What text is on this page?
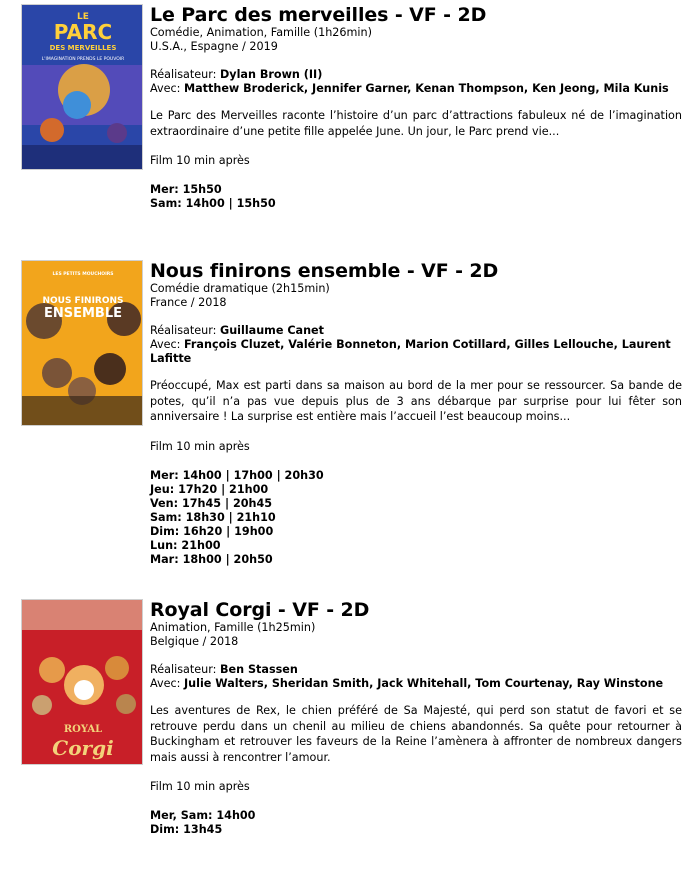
LE
PARC
DES MERVEILLES
L'IMAGINATION PRENDS LE POUVOIR
Le Parc des merveilles - VF - 2D
Comédie, Animation, Famille (1h26min)
U.S.A., Espagne / 2019
Réalisateur: Dylan Brown (II)
Avec: Matthew Broderick, Jennifer Garner, Kenan Thompson, Ken Jeong, Mila Kunis
Le Parc des Merveilles raconte l’histoire d’un parc d’attractions fabuleux né de l’imagination extraordinaire d’une petite fille appelée June. Un jour, le Parc prend vie...
Film 10 min après
Mer: 15h50
Sam: 14h00 | 15h50
LES PETITS MOUCHOIRS
NOUS FINIRONS
ENSEMBLE
Nous finirons ensemble - VF - 2D
Comédie dramatique (2h15min)
France / 2018
Réalisateur: Guillaume Canet
Avec: François Cluzet, Valérie Bonneton, Marion Cotillard, Gilles Lellouche, Laurent Lafitte
Préoccupé, Max est parti dans sa maison au bord de la mer pour se ressourcer. Sa bande de potes, qu’il n’a pas vue depuis plus de 3 ans débarque par surprise pour lui fêter son anniversaire ! La surprise est entière mais l’accueil l’est beaucoup moins...
Film 10 min après
Mer: 14h00 | 17h00 | 20h30
Jeu: 17h20 | 21h00
Ven: 17h45 | 20h45
Sam: 18h30 | 21h10
Dim: 16h20 | 19h00
Lun: 21h00
Mar: 18h00 | 20h50
ROYAL
Corgi
Royal Corgi - VF - 2D
Animation, Famille (1h25min)
Belgique / 2018
Réalisateur: Ben Stassen
Avec: Julie Walters, Sheridan Smith, Jack Whitehall, Tom Courtenay, Ray Winstone
Les aventures de Rex, le chien préféré de Sa Majesté, qui perd son statut de favori et se retrouve perdu dans un chenil au milieu de chiens abandonnés. Sa quête pour retourner à Buckingham et retrouver les faveurs de la Reine l’amènera à affronter de nombreux dangers mais aussi à rencontrer l’amour.
Film 10 min après
Mer, Sam: 14h00
Dim: 13h45
